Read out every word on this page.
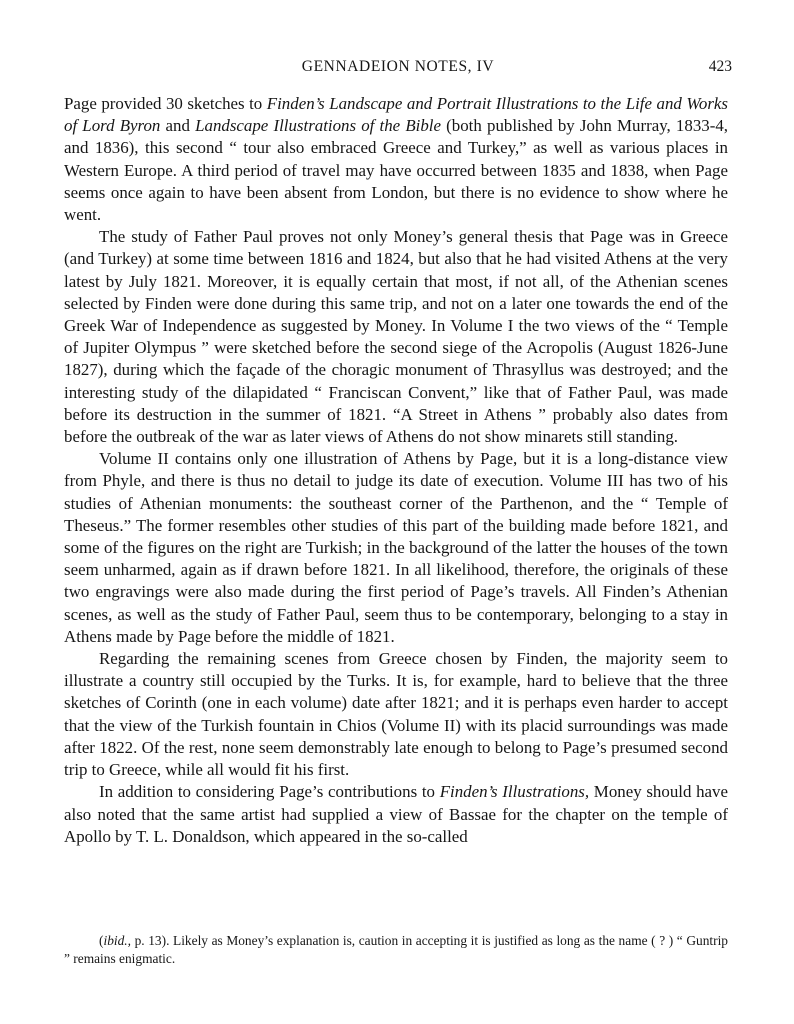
GENNADEION NOTES, IV	423

Page provided 30 sketches to Finden’s Landscape and Portrait Illustrations to the Life and Works of Lord Byron and Landscape Illustrations of the Bible (both published by John Murray, 1833-4, and 1836), this second “ tour also embraced Greece and Turkey,” as well as various places in Western Europe. A third period of travel may have occurred between 1835 and 1838, when Page seems once again to have been absent from London, but there is no evidence to show where he went.

The study of Father Paul proves not only Money’s general thesis that Page was in Greece (and Turkey) at some time between 1816 and 1824, but also that he had visited Athens at the very latest by July 1821. Moreover, it is equally certain that most, if not all, of the Athenian scenes selected by Finden were done during this same trip, and not on a later one towards the end of the Greek War of Independence as suggested by Money. In Volume I the two views of the “ Temple of Jupiter Olympus ” were sketched before the second siege of the Acropolis (August 1826-June 1827), during which the façade of the choragic monument of Thrasyllus was destroyed; and the interesting study of the dilapidated “ Franciscan Convent,” like that of Father Paul, was made before its destruction in the summer of 1821. “A Street in Athens ” probably also dates from before the outbreak of the war as later views of Athens do not show minarets still standing.

Volume II contains only one illustration of Athens by Page, but it is a long-distance view from Phyle, and there is thus no detail to judge its date of execution. Volume III has two of his studies of Athenian monuments: the southeast corner of the Parthenon, and the “ Temple of Theseus.” The former resembles other studies of this part of the building made before 1821, and some of the figures on the right are Turkish; in the background of the latter the houses of the town seem unharmed, again as if drawn before 1821. In all likelihood, therefore, the originals of these two engravings were also made during the first period of Page’s travels. All Finden’s Athenian scenes, as well as the study of Father Paul, seem thus to be contemporary, belonging to a stay in Athens made by Page before the middle of 1821.

Regarding the remaining scenes from Greece chosen by Finden, the majority seem to illustrate a country still occupied by the Turks. It is, for example, hard to believe that the three sketches of Corinth (one in each volume) date after 1821; and it is perhaps even harder to accept that the view of the Turkish fountain in Chios (Volume II) with its placid surroundings was made after 1822. Of the rest, none seem demonstrably late enough to belong to Page’s presumed second trip to Greece, while all would fit his first.

In addition to considering Page’s contributions to Finden’s Illustrations, Money should have also noted that the same artist had supplied a view of Bassae for the chapter on the temple of Apollo by T. L. Donaldson, which appeared in the so-called

(ibid., p. 13). Likely as Money’s explanation is, caution in accepting it is justified as long as the name ( ? ) “ Guntrip ” remains enigmatic.
